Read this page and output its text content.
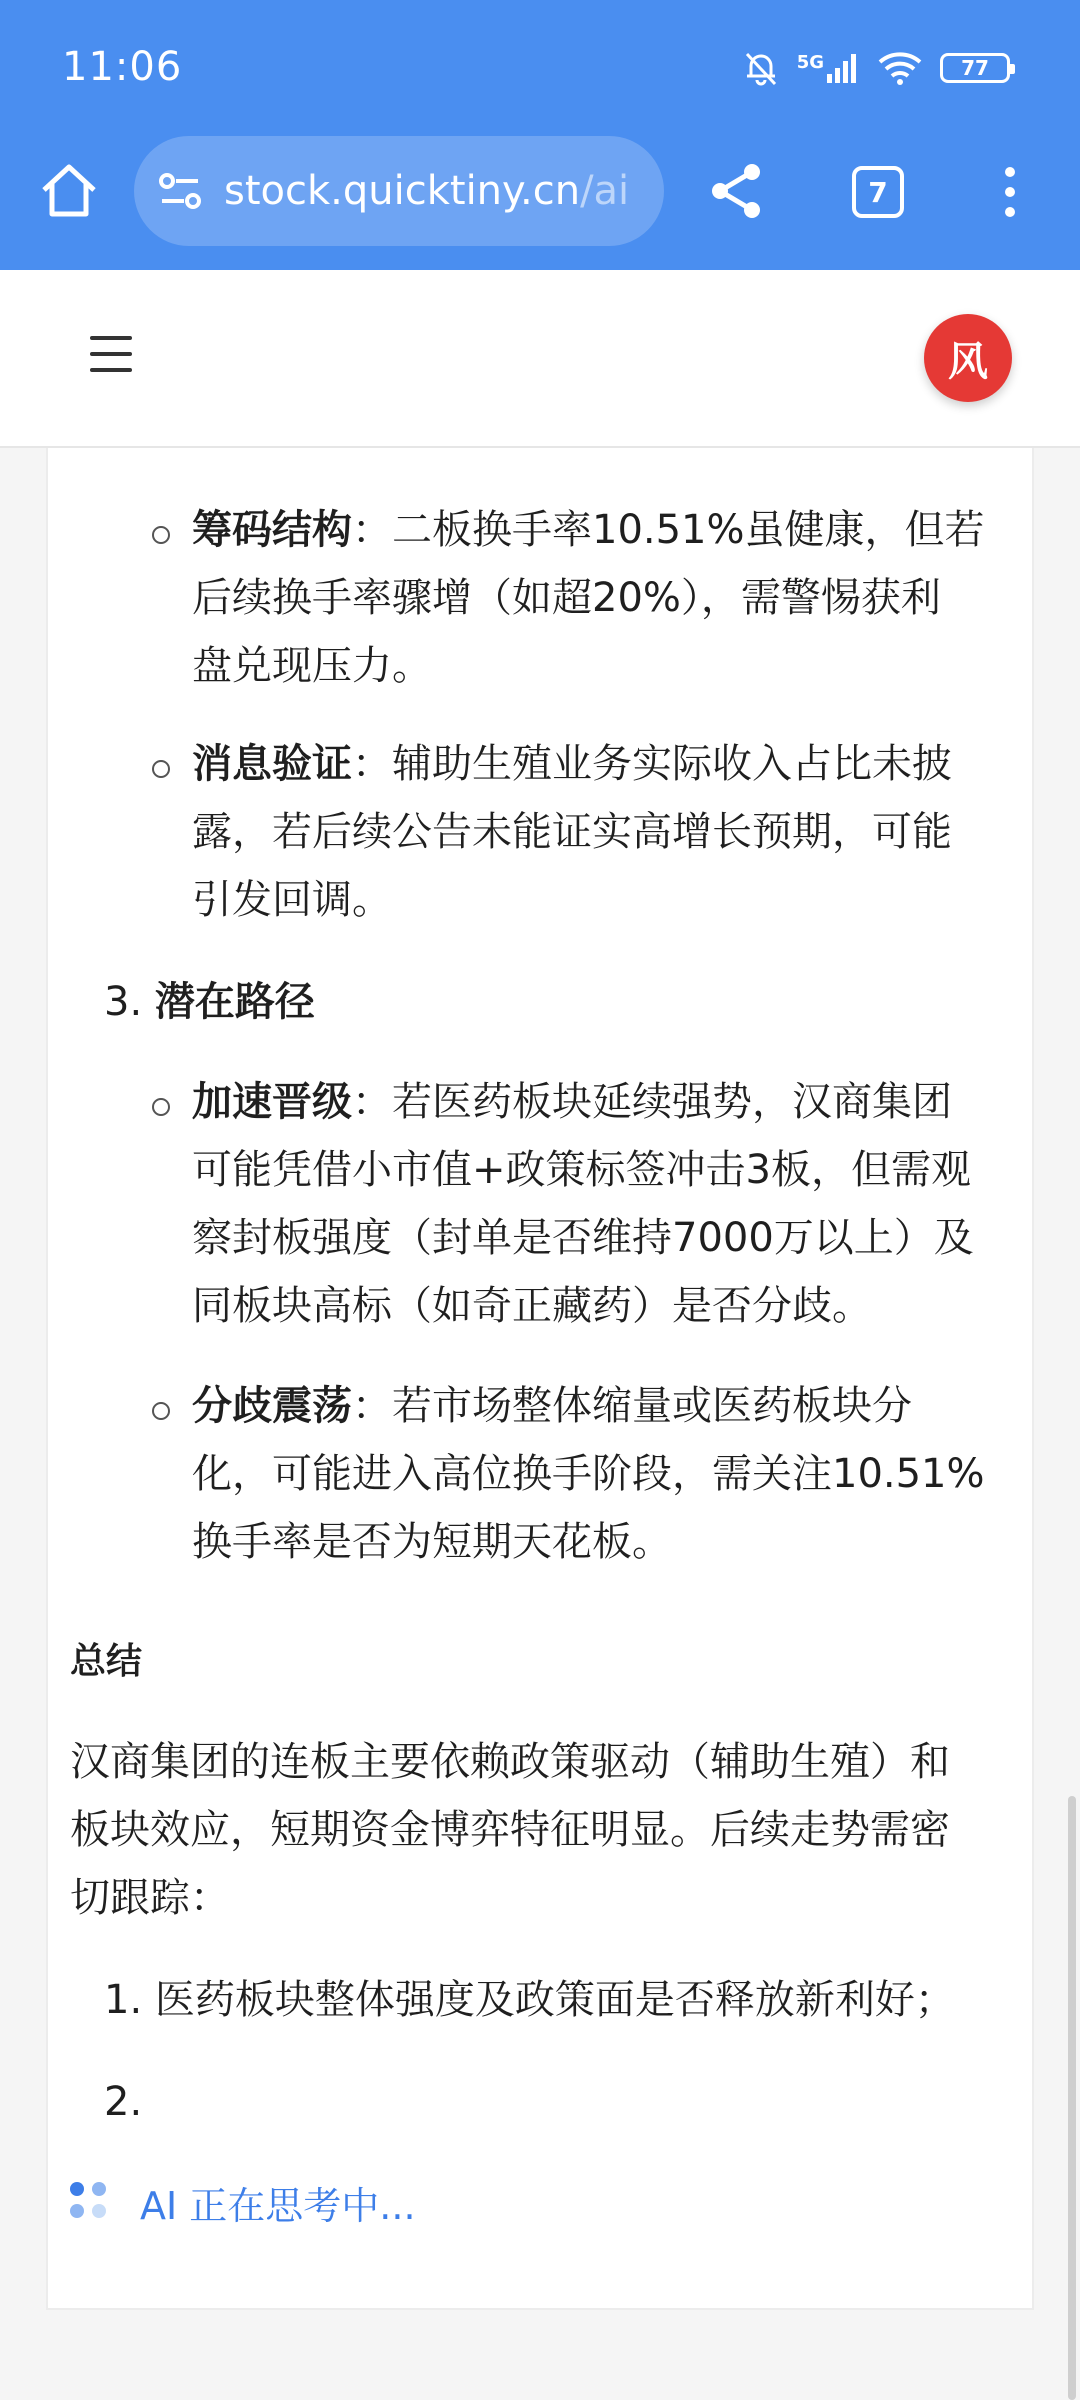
11:06	5G	77
stock.quicktiny.cn/ai	7
风
筹码结构：二板换手率10.51%虽健康，但若
后续换手率骤增（如超20%），需警惕获利
盘兑现压力。
消息验证：辅助生殖业务实际收入占比未披
露，若后续公告未能证实高增长预期，可能
引发回调。
3. 潜在路径
加速晋级：若医药板块延续强势，汉商集团
可能凭借小市值+政策标签冲击3板，但需观
察封板强度（封单是否维持7000万以上）及
同板块高标（如奇正藏药）是否分歧。
分歧震荡：若市场整体缩量或医药板块分
化，可能进入高位换手阶段，需关注10.51%
换手率是否为短期天花板。
总结
汉商集团的连板主要依赖政策驱动（辅助生殖）和
板块效应，短期资金博弈特征明显。后续走势需密
切跟踪：
1. 医药板块整体强度及政策面是否释放新利好；
2.
AI 正在思考中...
